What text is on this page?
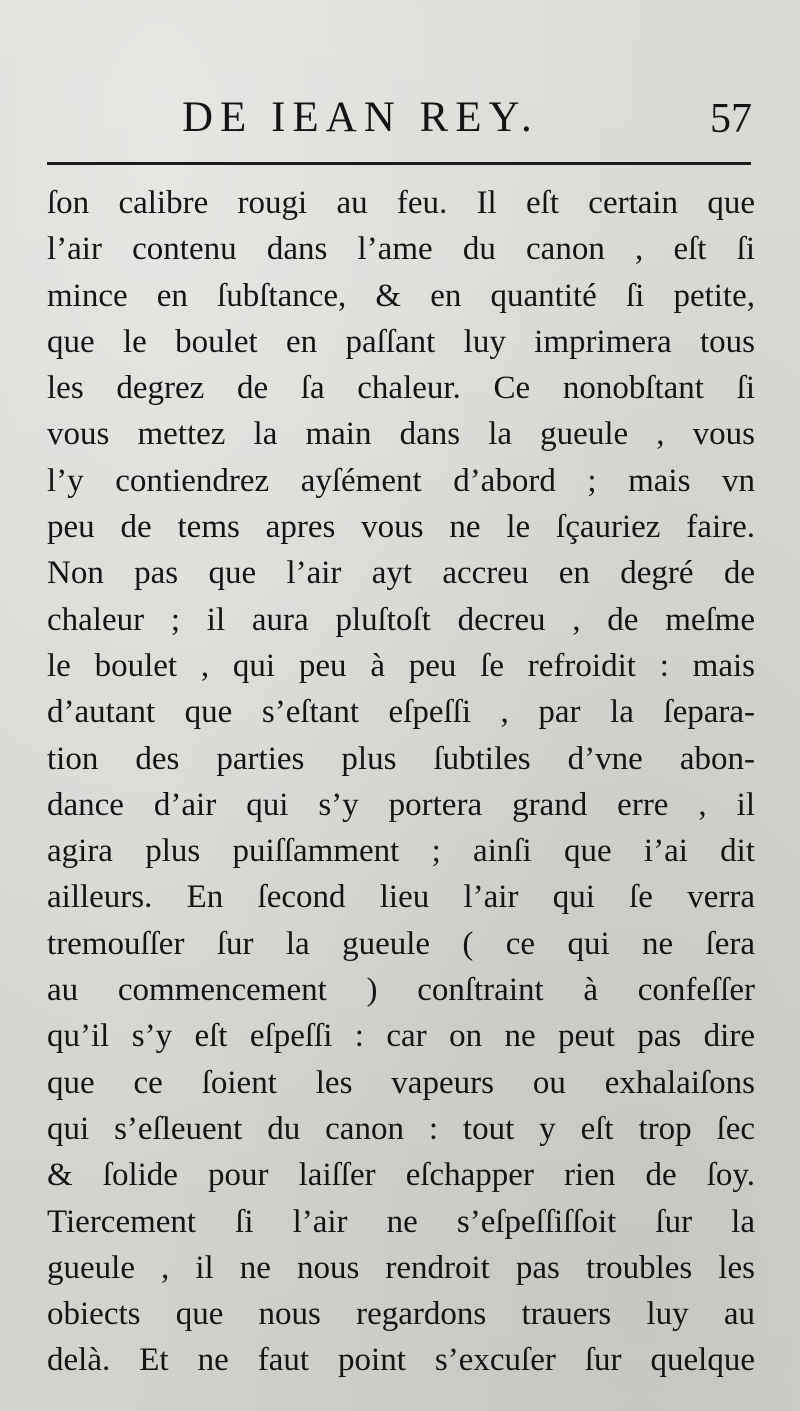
DE IEAN REY.	57
ſon calibre rougi au feu. Il eſt certain que
l’air contenu dans l’ame du canon , eſt ſi
mince en ſubſtance, & en quantité ſi petite,
que le boulet en paſſant luy imprimera tous
les degrez de ſa chaleur. Ce nonobſtant ſi
vous mettez la main dans la gueule , vous
l’y contiendrez ayſément d’abord ; mais vn
peu de tems apres vous ne le ſçauriez faire.
Non pas que l’air ayt accreu en degré de
chaleur ; il aura pluſtoſt decreu , de meſme
le boulet , qui peu à peu ſe refroidit : mais
d’autant que s’eſtant eſpeſſi , par la ſepara-
tion des parties plus ſubtiles d’vne abon-
dance d’air qui s’y portera grand erre , il
agira plus puiſſamment ; ainſi que i’ai dit
ailleurs. En ſecond lieu l’air qui ſe verra
tremouſſer ſur la gueule ( ce qui ne ſera
au commencement ) conſtraint à confeſſer
qu’il s’y eſt eſpeſſi : car on ne peut pas dire
que ce ſoient les vapeurs ou exhalaiſons
qui s’eſleuent du canon : tout y eſt trop ſec
& ſolide pour laiſſer eſchapper rien de ſoy.
Tiercement ſi l’air ne s’eſpeſſiſſoit ſur la
gueule , il ne nous rendroit pas troubles les
obiects que nous regardons trauers luy au
delà. Et ne faut point s’excuſer ſur quelque
